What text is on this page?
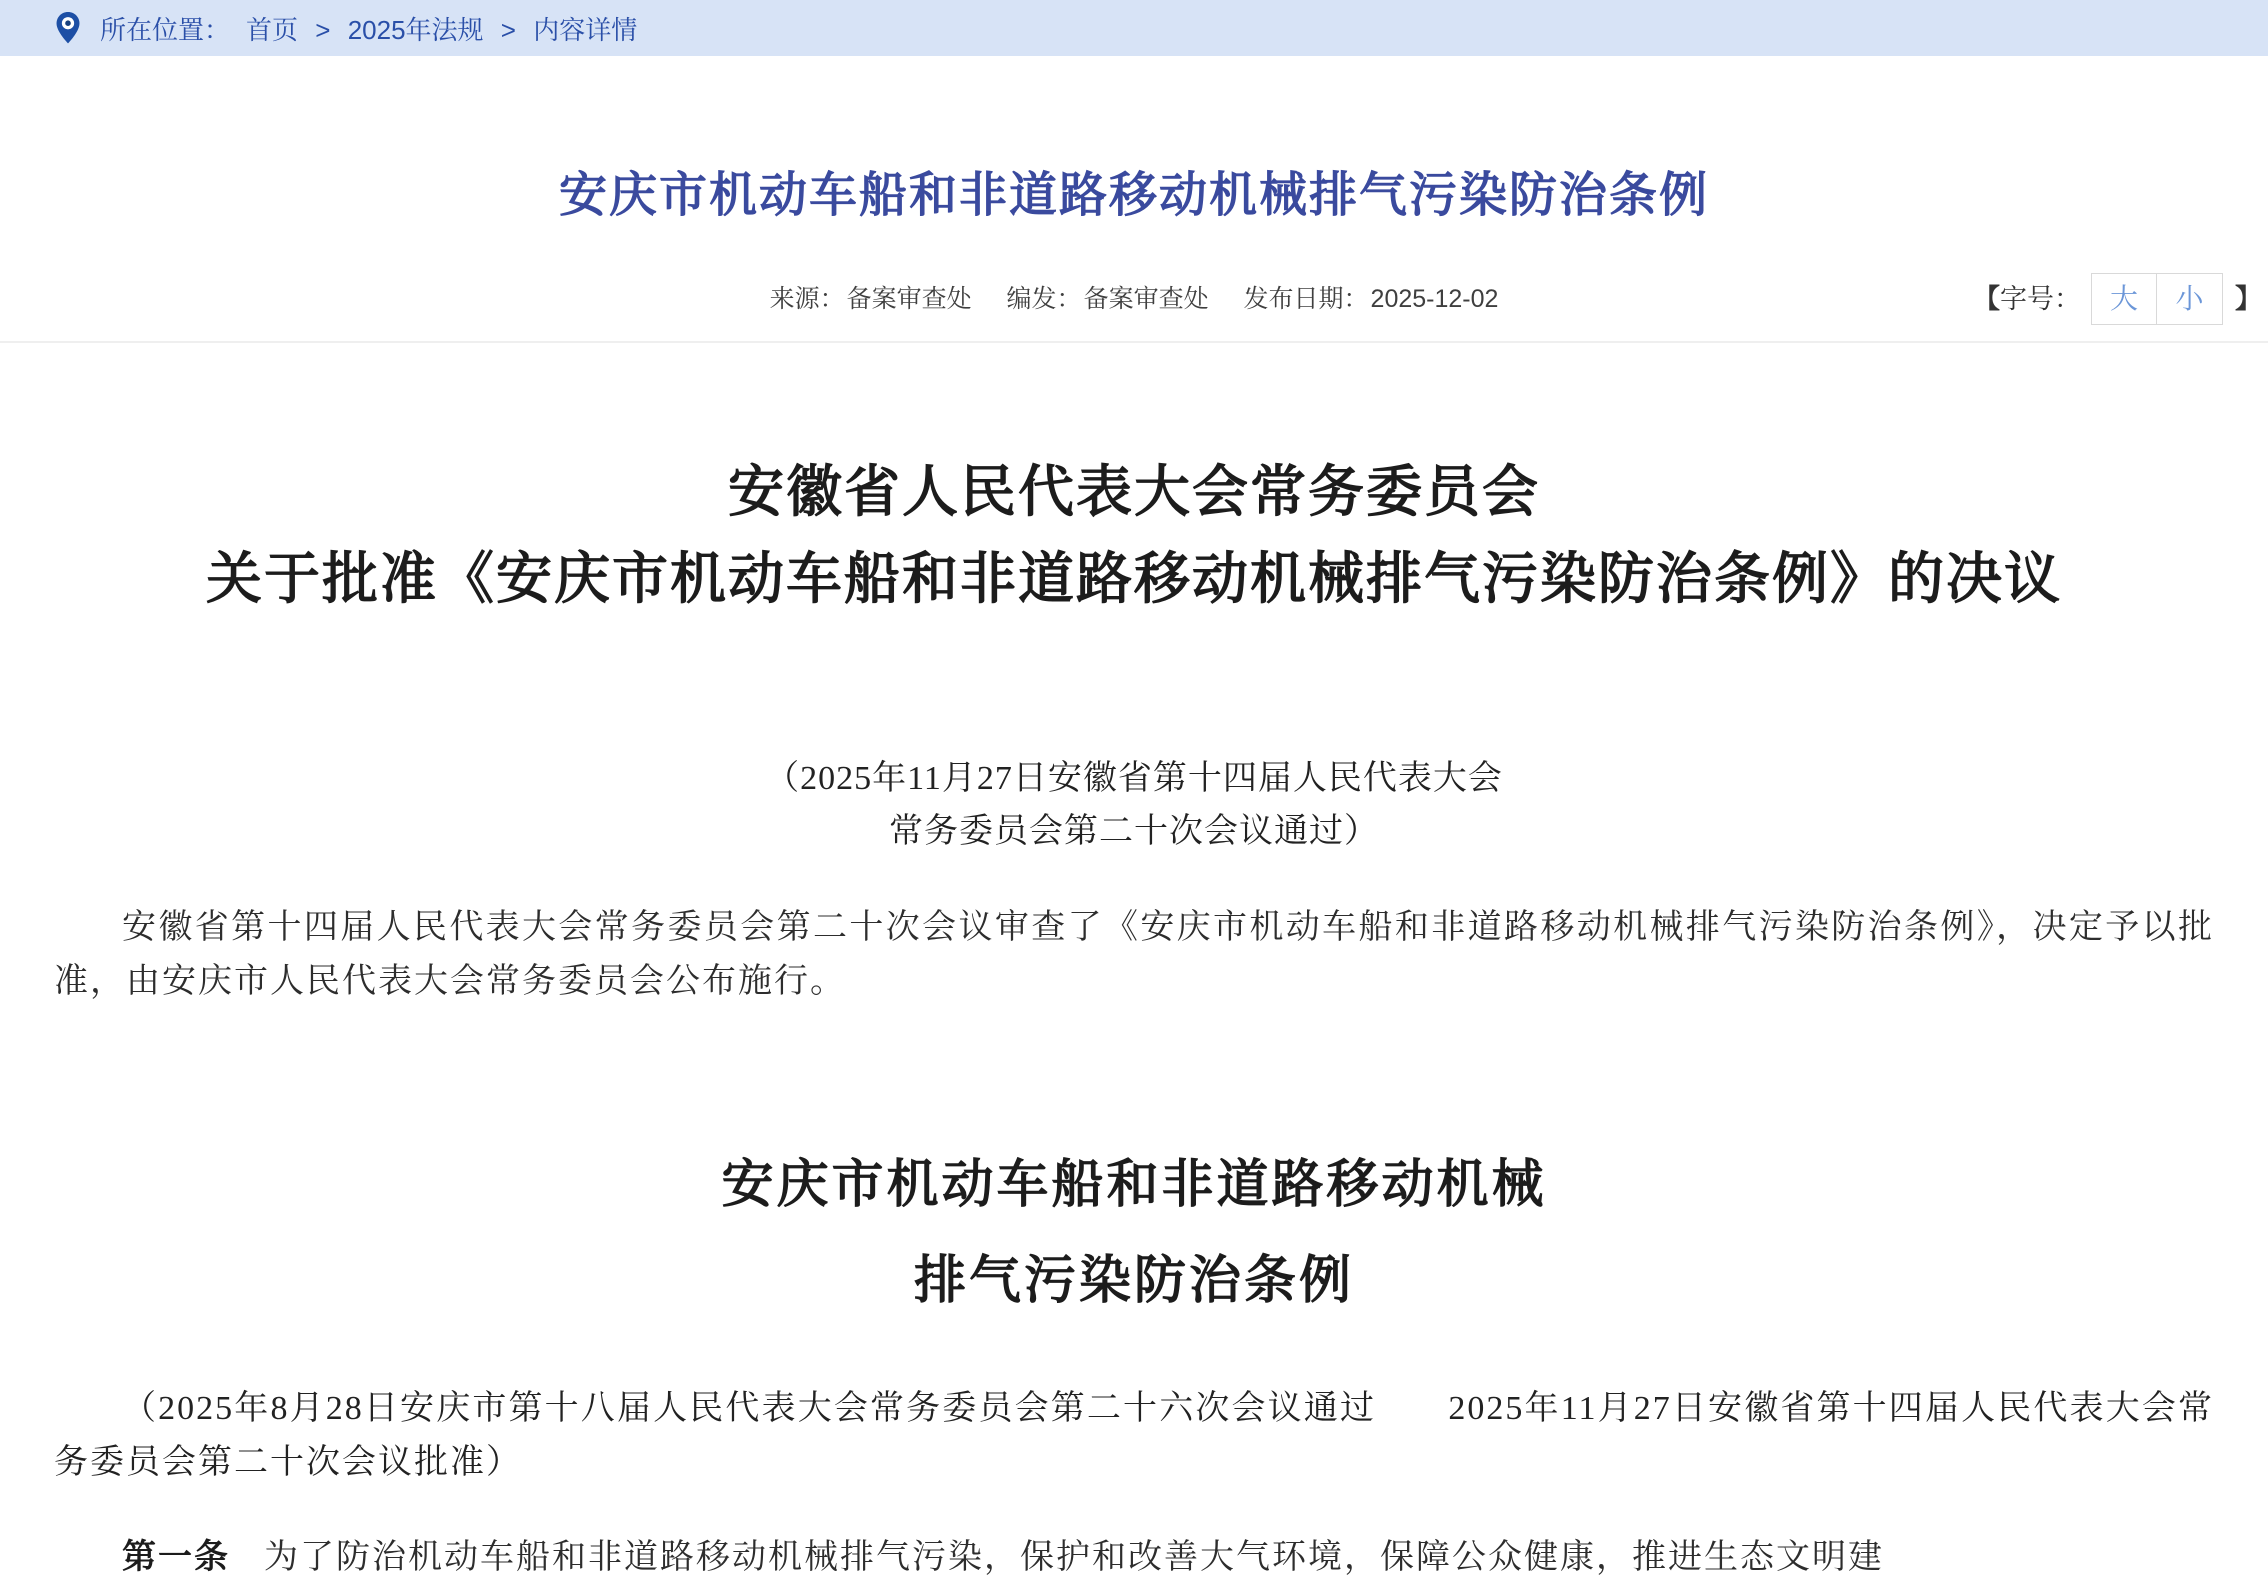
所在位置： 首页 > 2025年法规 > 内容详情
安庆市机动车船和非道路移动机械排气污染防治条例
来源：备案审查处 编发：备案审查处 发布日期：2025-12-02	【 字号：	大	小	】
安徽省人民代表大会常务委员会
关于批准《安庆市机动车船和非道路移动机械排气污染防治条例》的决议
（2025年11月27日安徽省第十四届人民代表大会
常务委员会第二十次会议通过）

安徽省第十四届人民代表大会常务委员会第二十次会议审查了《安庆市机动车船和非道路移动机械排气污染防治条例》，决定予以批准，由安庆市人民代表大会常务委员会公布施行。

安庆市机动车船和非道路移动机械
排气污染防治条例

（2025年8月28日安庆市第十八届人民代表大会常务委员会第二十六次会议通过　　2025年11月27日安徽省第十四届人民代表大会常务委员会第二十次会议批准）

第一条 为了防治机动车船和非道路移动机械排气污染，保护和改善大气环境，保障公众健康，推进生态文明建
